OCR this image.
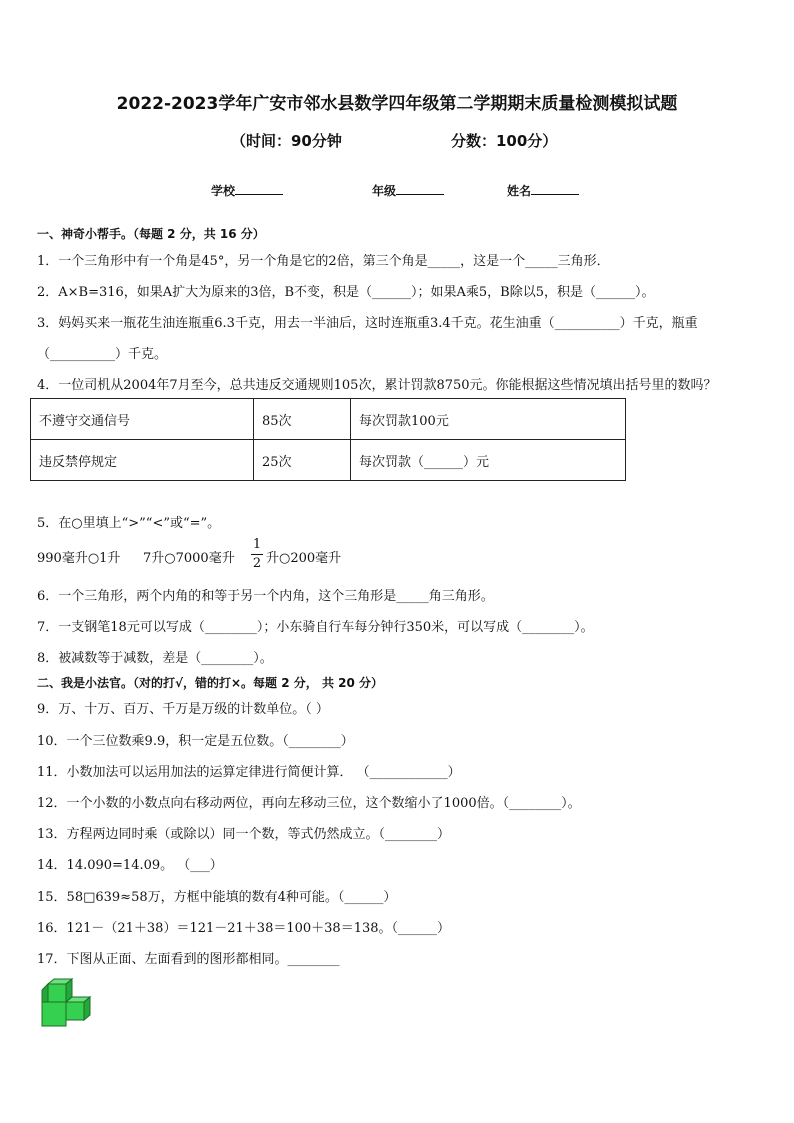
2022-2023学年广安市邻水县数学四年级第二学期期末质量检测模拟试题
（时间：90分钟	分数：100分）
学校	年级	姓名
一、神奇小帮手。（每题 2 分，共 16 分）
1．一个三角形中有一个角是45°，另一个角是它的2倍，第三个角是_____，这是一个_____三角形．
2．A×B=316，如果A扩大为原来的3倍，B不变，积是（______）；如果A乘5，B除以5，积是（______）。
3．妈妈买来一瓶花生油连瓶重6.3千克，用去一半油后，这时连瓶重3.4千克。花生油重（__________）千克，瓶重
（__________）千克。
4．一位司机从2004年7月至今，总共违反交通规则105次，累计罚款8750元。你能根据这些情况填出括号里的数吗？
不遵守交通信号	85次	每次罚款100元
违反禁停规定	25次	每次罚款（______）元
5．在○里填上“>”“<”或“=”。
990毫升○1升 7升○7000毫升 $\frac{1}{2}$ 升○200毫升
6．一个三角形，两个内角的和等于另一个内角，这个三角形是_____角三角形。
7．一支钢笔18元可以写成（________）；小东骑自行车每分钟行350米，可以写成（________）。
8．被减数等于减数，差是（________）。
二、我是小法官。（对的打√，错的打×。每题 2 分， 共 20 分）
9．万、十万、百万、千万是万级的计数单位。（ ）
10．一个三位数乘9.9，积一定是五位数。（________）
11．小数加法可以运用加法的运算定律进行简便计算． （____________）
12．一个小数的小数点向右移动两位，再向左移动三位，这个数缩小了1000倍。（________）。
13．方程两边同时乘（或除以）同一个数，等式仍然成立。（________）
14．14.090=14.09。 （___）
15．58□639≈58万，方框中能填的数有4种可能。（______）
16．121－（21＋38）＝121－21＋38＝100＋38＝138。（______）
17．下图从正面、左面看到的图形都相同。________
